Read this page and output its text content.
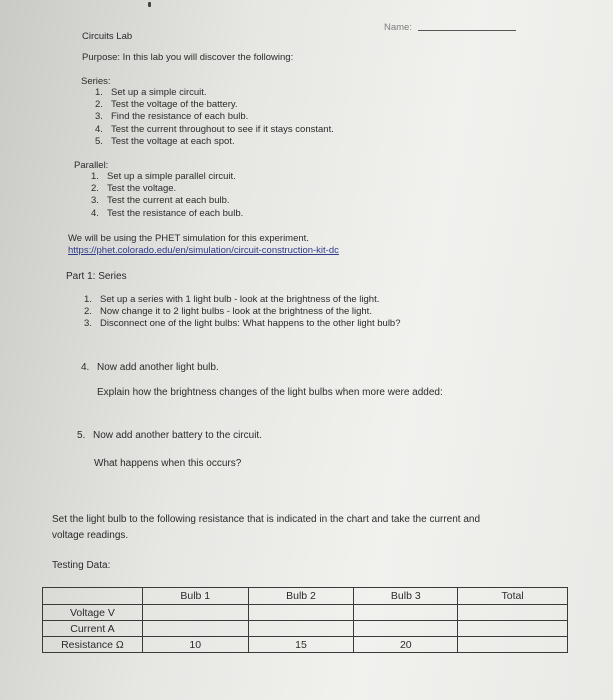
Name:
Circuits Lab
Purpose: In this lab you will discover the following:
Series:
1. Set up a simple circuit.
2. Test the voltage of the battery.
3. Find the resistance of each bulb.
4. Test the current throughout to see if it stays constant.
5. Test the voltage at each spot.
Parallel:
1. Set up a simple parallel circuit.
2. Test the voltage.
3. Test the current at each bulb.
4. Test the resistance of each bulb.
We will be using the PHET simulation for this experiment.
https://phet.colorado.edu/en/simulation/circuit-construction-kit-dc
Part 1: Series
1. Set up a series with 1 light bulb - look at the brightness of the light.
2. Now change it to 2 light bulbs - look at the brightness of the light.
3. Disconnect one of the light bulbs: What happens to the other light bulb?
4. Now add another light bulb.
Explain how the brightness changes of the light bulbs when more were added:
5. Now add another battery to the circuit.
What happens when this occurs?
Set the light bulb to the following resistance that is indicated in the chart and take the current and
voltage readings.
Testing Data:
	Bulb 1	Bulb 2	Bulb 3	Total
Voltage V				
Current A				
Resistance Ω	10	15	20	
